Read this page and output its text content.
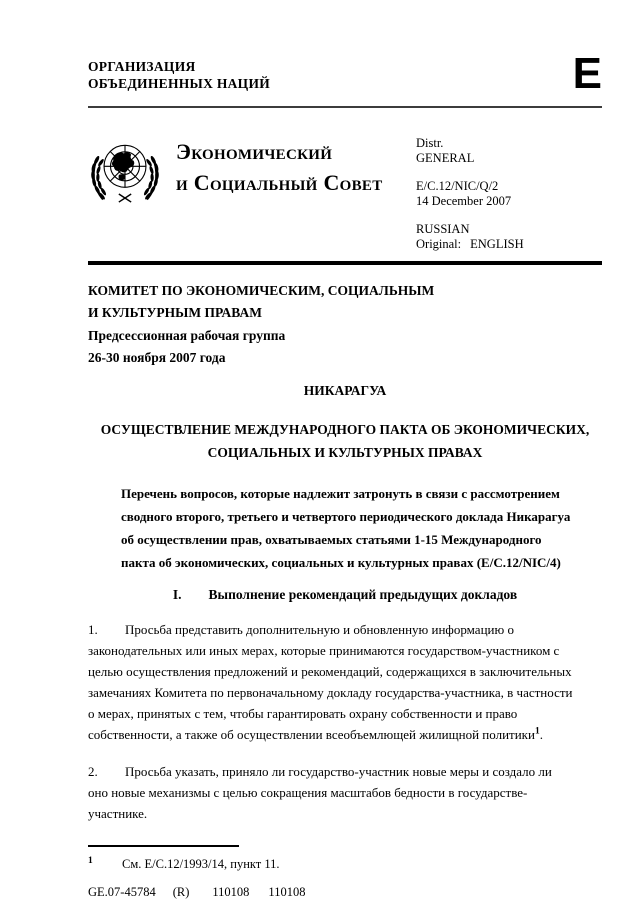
ОРГАНИЗАЦИЯ
ОБЪЕДИНЕННЫХ НАЦИЙ	E
Экономический
и Социальный Совет
Distr.
GENERAL
E/C.12/NIC/Q/2
14 December 2007
RUSSIAN
Original: ENGLISH
КОМИТЕТ ПО ЭКОНОМИЧЕСКИМ, СОЦИАЛЬНЫМ
И КУЛЬТУРНЫМ ПРАВАМ
Предсессионная рабочая группа
26-30 ноября 2007 года
НИКАРАГУА
ОСУЩЕСТВЛЕНИЕ МЕЖДУНАРОДНОГО ПАКТА ОБ ЭКОНОМИЧЕСКИХ,
СОЦИАЛЬНЫХ И КУЛЬТУРНЫХ ПРАВАХ

Перечень вопросов, которые надлежит затронуть в связи с рассмотрением сводного второго, третьего и четвертого периодического доклада Никарагуа об осуществлении прав, охватываемых статьями 1-15 Международного пакта об экономических, социальных и культурных правах (E/C.12/NIC/4)

I. Выполнение рекомендаций предыдущих докладов

1. Просьба представить дополнительную и обновленную информацию о законодательных или иных мерах, которые принимаются государством-участником с целью осуществления предложений и рекомендаций, содержащихся в заключительных замечаниях Комитета по первоначальному докладу государства-участника, в частности о мерах, принятых с тем, чтобы гарантировать охрану собственности и право собственности, а также об осуществлении всеобъемлющей жилищной политики$^1$.

2. Просьба указать, приняло ли государство-участник новые меры и создало ли оно новые механизмы с целью сокращения масштабов бедности в государстве-участнике.

1 См. E/C.12/1993/14, пункт 11.
GE.07-45784 (R) 110108 110108
